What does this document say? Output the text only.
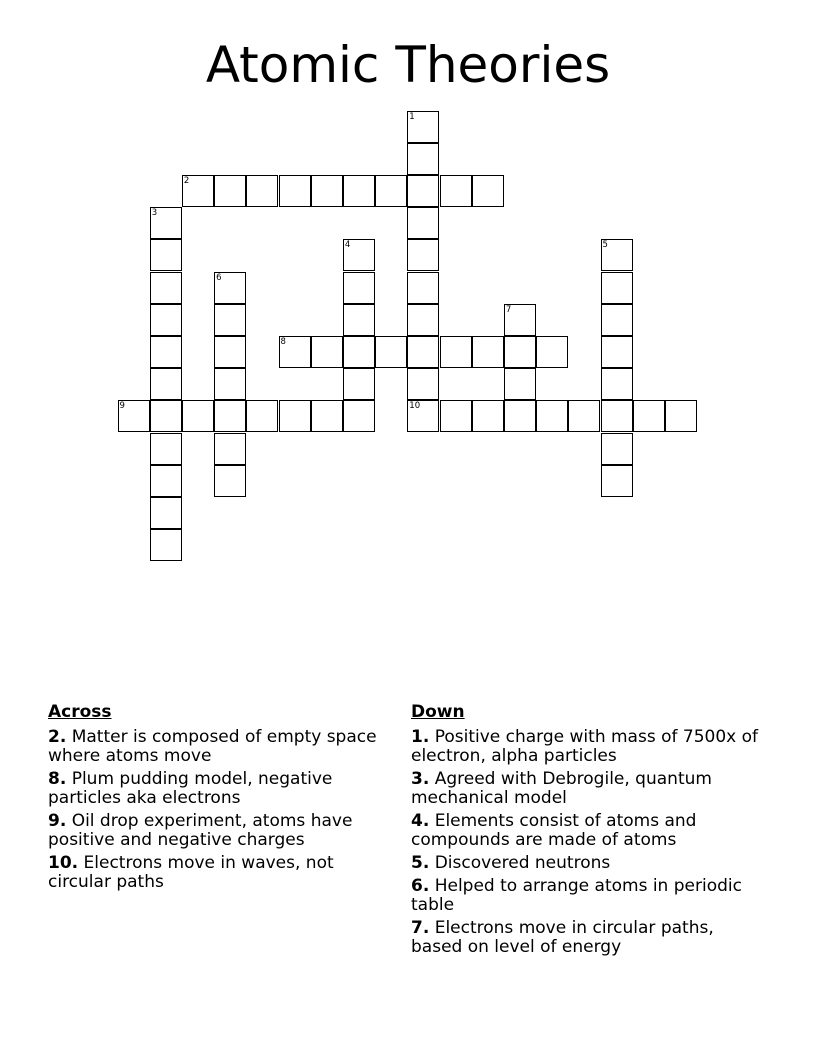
Atomic Theories
1
2
3
4	5
6
7
8
9	10
Across

2. Matter is composed of empty space where atoms move

8. Plum pudding model, negative particles aka electrons

9. Oil drop experiment, atoms have positive and negative charges

10. Electrons move in waves, not circular paths

Down

1. Positive charge with mass of 7500x of electron, alpha particles

3. Agreed with Debrogile, quantum mechanical model

4. Elements consist of atoms and compounds are made of atoms

5. Discovered neutrons

6. Helped to arrange atoms in periodic table

7. Electrons move in circular paths, based on level of energy
